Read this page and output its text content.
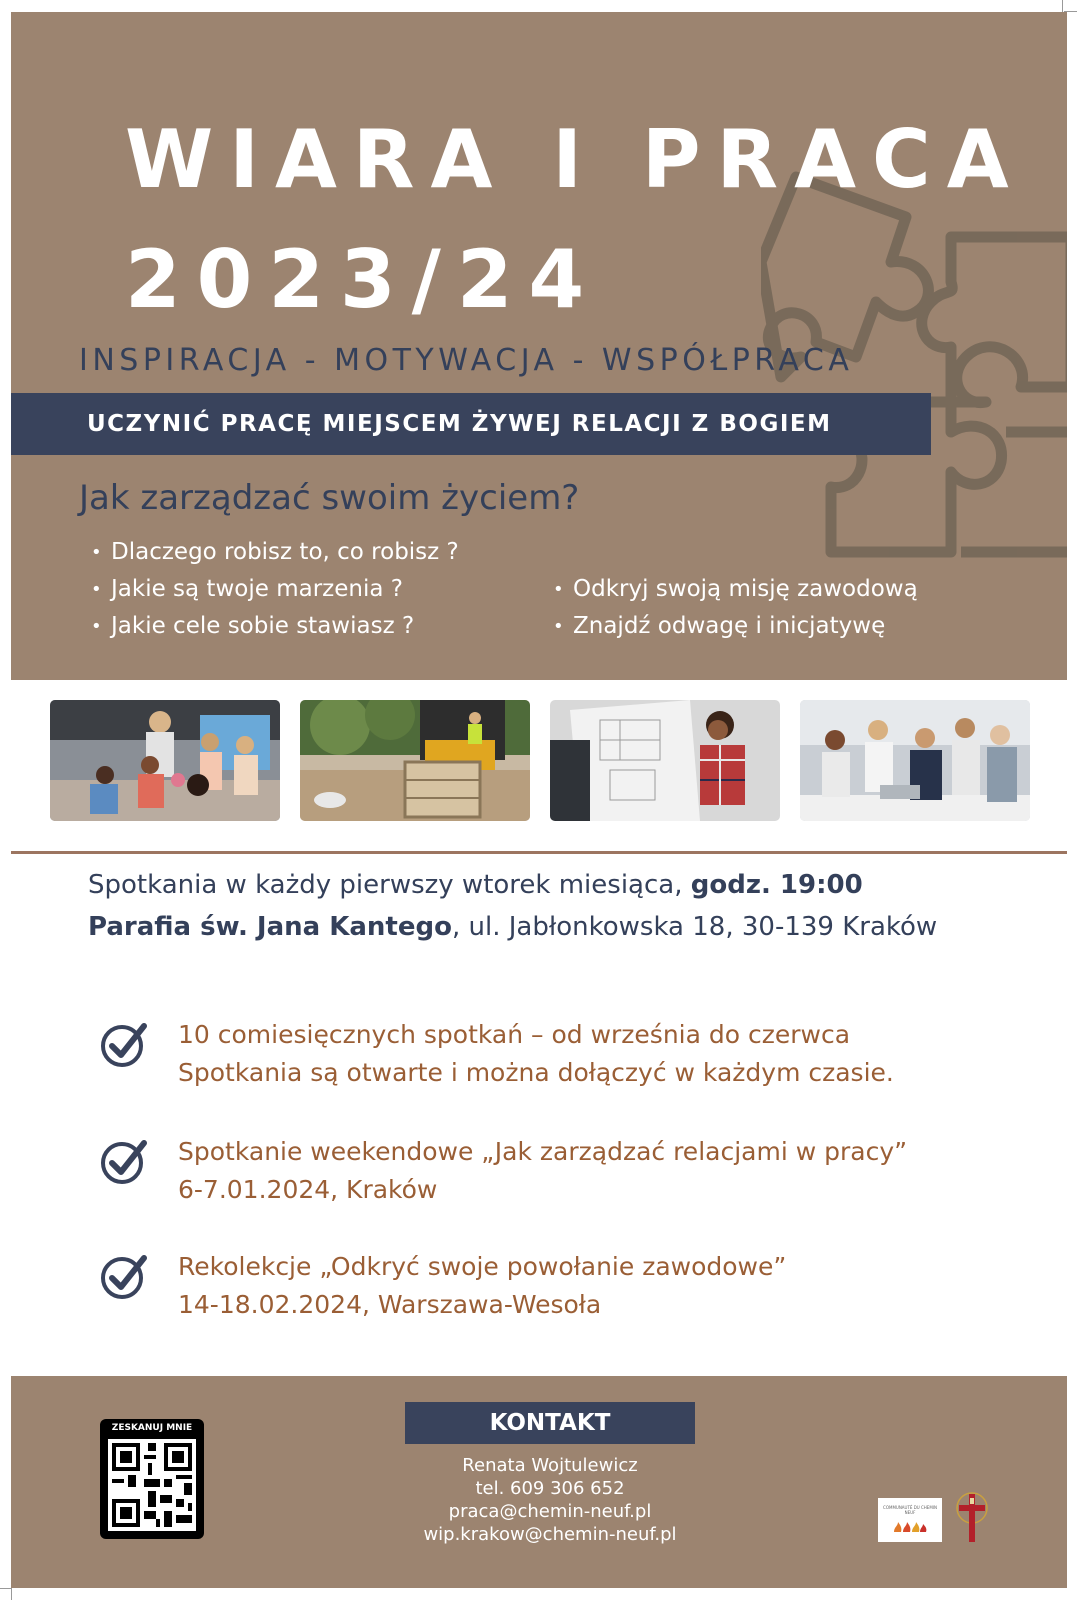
WIARA I PRACA
2023/24
INSPIRACJA - MOTYWACJA - WSPÓŁPRACA
UCZYNIĆ PRACĘ MIEJSCEM ŻYWEJ RELACJI Z BOGIEM
Jak zarządzać swoim życiem?
• Dlaczego robisz to, co robisz ?
• Jakie są twoje marzenia ?
• Jakie cele sobie stawiasz ?
• Odkryj swoją misję zawodową
• Znajdź odwagę i inicjatywę
Spotkania w każdy pierwszy wtorek miesiąca, godz. 19:00
Parafia św. Jana Kantego, ul. Jabłonkowska 18, 30-139 Kraków
10 comiesięcznych spotkań – od września do czerwca
Spotkania są otwarte i można dołączyć w każdym czasie.
Spotkanie weekendowe „Jak zarządzać relacjami w pracy”
6-7.01.2024, Kraków
Rekolekcje „Odkryć swoje powołanie zawodowe”
14-18.02.2024, Warszawa-Wesoła
ZESKANUJ MNIE	KONTAKT
Renata Wojtulewicz
tel. 609 306 652
praca@chemin-neuf.pl
wip.krakow@chemin-neuf.pl
COMMUNAUTÉ DU CHEMIN NEUF
